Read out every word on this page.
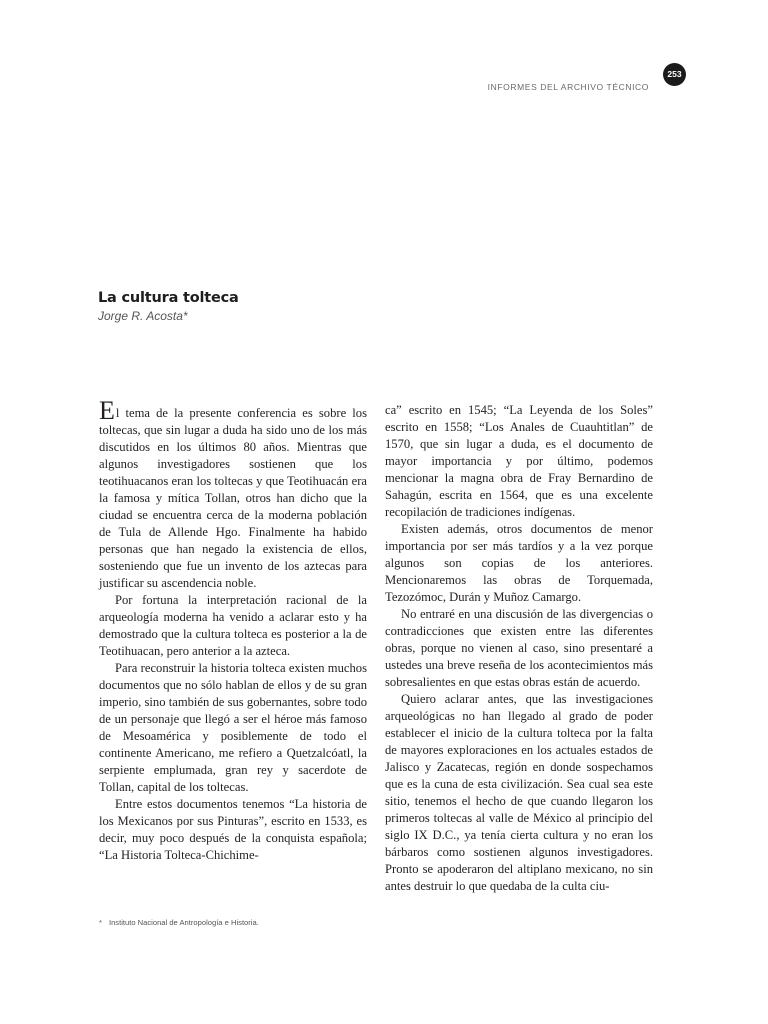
INFORMES DEL ARCHIVO TÉCNICO
253
La cultura tolteca
Jorge R. Acosta*

El tema de la presente conferencia es sobre los toltecas, que sin lugar a duda ha sido uno de los más discutidos en los últimos 80 años. Mientras que algunos investigadores sostienen que los teotihuacanos eran los toltecas y que Teotihuacán era la famosa y mítica Tollan, otros han dicho que la ciudad se encuentra cerca de la moderna población de Tula de Allende Hgo. Finalmente ha habido personas que han negado la existencia de ellos, sosteniendo que fue un invento de los aztecas para justificar su ascendencia noble.

Por fortuna la interpretación racional de la arqueología moderna ha venido a aclarar esto y ha demostrado que la cultura tolteca es posterior a la de Teotihuacan, pero anterior a la azteca.

Para reconstruir la historia tolteca existen muchos documentos que no sólo hablan de ellos y de su gran imperio, sino también de sus gobernantes, sobre todo de un personaje que llegó a ser el héroe más famoso de Mesoamérica y posiblemente de todo el continente Americano, me refiero a Quetzalcóatl, la serpiente emplumada, gran rey y sacerdote de Tollan, capital de los toltecas.

Entre estos documentos tenemos “La historia de los Mexicanos por sus Pinturas”, escrito en 1533, es decir, muy poco después de la conquista española; “La Historia Tolteca-Chichime-

ca” escrito en 1545; “La Leyenda de los Soles” escrito en 1558; “Los Anales de Cuauhtitlan” de 1570, que sin lugar a duda, es el documento de mayor importancia y por último, podemos mencionar la magna obra de Fray Bernardino de Sahagún, escrita en 1564, que es una excelente recopilación de tradiciones indígenas.

Existen además, otros documentos de menor importancia por ser más tardíos y a la vez porque algunos son copias de los anteriores. Mencionaremos las obras de Torquemada, Tezozómoc, Durán y Muñoz Camargo.

No entraré en una discusión de las divergencias o contradicciones que existen entre las diferentes obras, porque no vienen al caso, sino presentaré a ustedes una breve reseña de los acontecimientos más sobresalientes en que estas obras están de acuerdo.

Quiero aclarar antes, que las investigaciones arqueológicas no han llegado al grado de poder establecer el inicio de la cultura tolteca por la falta de mayores exploraciones en los actuales estados de Jalisco y Zacatecas, región en donde sospechamos que es la cuna de esta civilización. Sea cual sea este sitio, tenemos el hecho de que cuando llegaron los primeros toltecas al valle de México al principio del siglo IX D.C., ya tenía cierta cultura y no eran los bárbaros como sostienen algunos investigadores. Pronto se apoderaron del altiplano mexicano, no sin antes destruir lo que quedaba de la culta ciu-

* Instituto Nacional de Antropología e Historia.
